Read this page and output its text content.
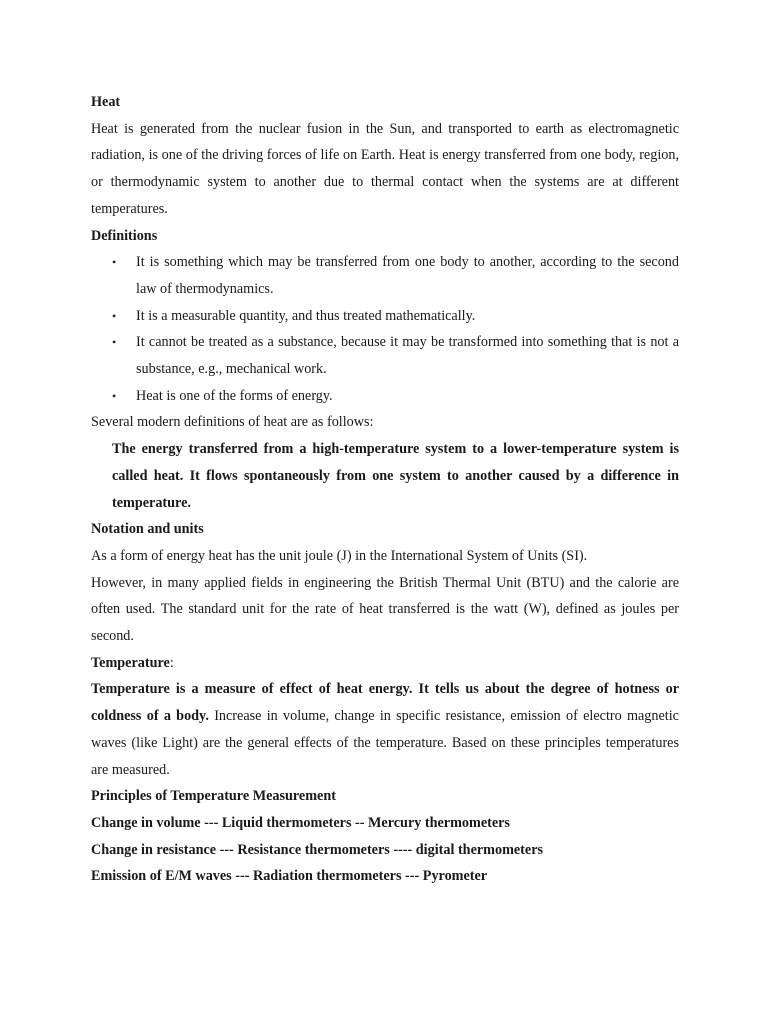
Heat

Heat is generated from the nuclear fusion in the Sun, and transported to earth as electromagnetic radiation, is one of the driving forces of life on Earth. Heat is energy transferred from one body, region, or thermodynamic system to another due to thermal contact when the systems are at different temperatures.

Definitions

• It is something which may be transferred from one body to another, according to the second law of thermodynamics.
• It is a measurable quantity, and thus treated mathematically.
• It cannot be treated as a substance, because it may be transformed into something that is not a substance, e.g., mechanical work.
• Heat is one of the forms of energy.

Several modern definitions of heat are as follows:

The energy transferred from a high-temperature system to a lower-temperature system is called heat. It flows spontaneously from one system to another caused by a difference in temperature.

Notation and units

As a form of energy heat has the unit joule (J) in the International System of Units (SI).

However, in many applied fields in engineering the British Thermal Unit (BTU) and the calorie are often used. The standard unit for the rate of heat transferred is the watt (W), defined as joules per second.

Temperature:

Temperature is a measure of effect of heat energy. It tells us about the degree of hotness or coldness of a body. Increase in volume, change in specific resistance, emission of electro magnetic waves (like Light) are the general effects of the temperature. Based on these principles temperatures are measured.

Principles of Temperature Measurement

Change in volume --- Liquid thermometers -- Mercury thermometers

Change in resistance --- Resistance thermometers ---- digital thermometers

Emission of E/M waves --- Radiation thermometers --- Pyrometer
